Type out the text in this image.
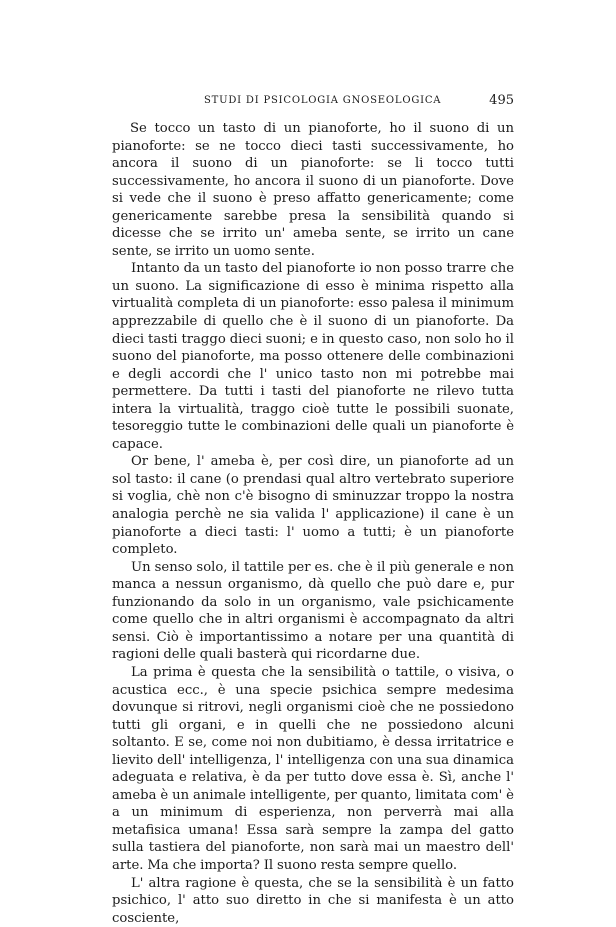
STUDI DI PSICOLOGIA GNOSEOLOGICA	495

Se tocco un tasto di un pianoforte, ho il suono di un pianoforte: se ne tocco dieci tasti successivamente, ho ancora il suono di un pianoforte: se li tocco tutti successivamente, ho ancora il suono di un pianoforte. Dove si vede che il suono è preso affatto genericamente; come genericamente sarebbe presa la sensibilità quando si dicesse che se irrito un' ameba sente, se irrito un cane sente, se irrito un uomo sente.

Intanto da un tasto del pianoforte io non posso trarre che un suono. La significazione di esso è minima rispetto alla virtualità completa di un pianoforte: esso palesa il minimum apprezzabile di quello che è il suono di un pianoforte. Da dieci tasti traggo dieci suoni; e in questo caso, non solo ho il suono del pianoforte, ma posso ottenere delle combinazioni e degli accordi che l' unico tasto non mi potrebbe mai permettere. Da tutti i tasti del pianoforte ne rilevo tutta intera la virtualità, traggo cioè tutte le possibili suonate, tesoreggio tutte le combinazioni delle quali un pianoforte è capace.

Or bene, l' ameba è, per così dire, un pianoforte ad un sol tasto: il cane (o prendasi qual altro vertebrato superiore si voglia, chè non c'è bisogno di sminuzzar troppo la nostra analogia perchè ne sia valida l' applicazione) il cane è un pianoforte a dieci tasti: l' uomo a tutti; è un pianoforte completo.

Un senso solo, il tattile per es. che è il più generale e non manca a nessun organismo, dà quello che può dare e, pur funzionando da solo in un organismo, vale psichicamente come quello che in altri organismi è accompagnato da altri sensi. Ciò è importantissimo a notare per una quantità di ragioni delle quali basterà qui ricordarne due.

La prima è questa che la sensibilità o tattile, o visiva, o acustica ecc., è una specie psichica sempre medesima dovunque si ritrovi, negli organismi cioè che ne possiedono tutti gli organi, e in quelli che ne possiedono alcuni soltanto. E se, come noi non dubitiamo, è dessa irritatrice e lievito dell' intelligenza, l' intelligenza con una sua dinamica adeguata e relativa, è da per tutto dove essa è. Sì, anche l' ameba è un animale intelligente, per quanto, limitata com' è a un minimum di esperienza, non perverrà mai alla metafisica umana! Essa sarà sempre la zampa del gatto sulla tastiera del pianoforte, non sarà mai un maestro dell' arte. Ma che importa? Il suono resta sempre quello.

L' altra ragione è questa, che se la sensibilità è un fatto psichico, l' atto suo diretto in che si manifesta è un atto cosciente,
